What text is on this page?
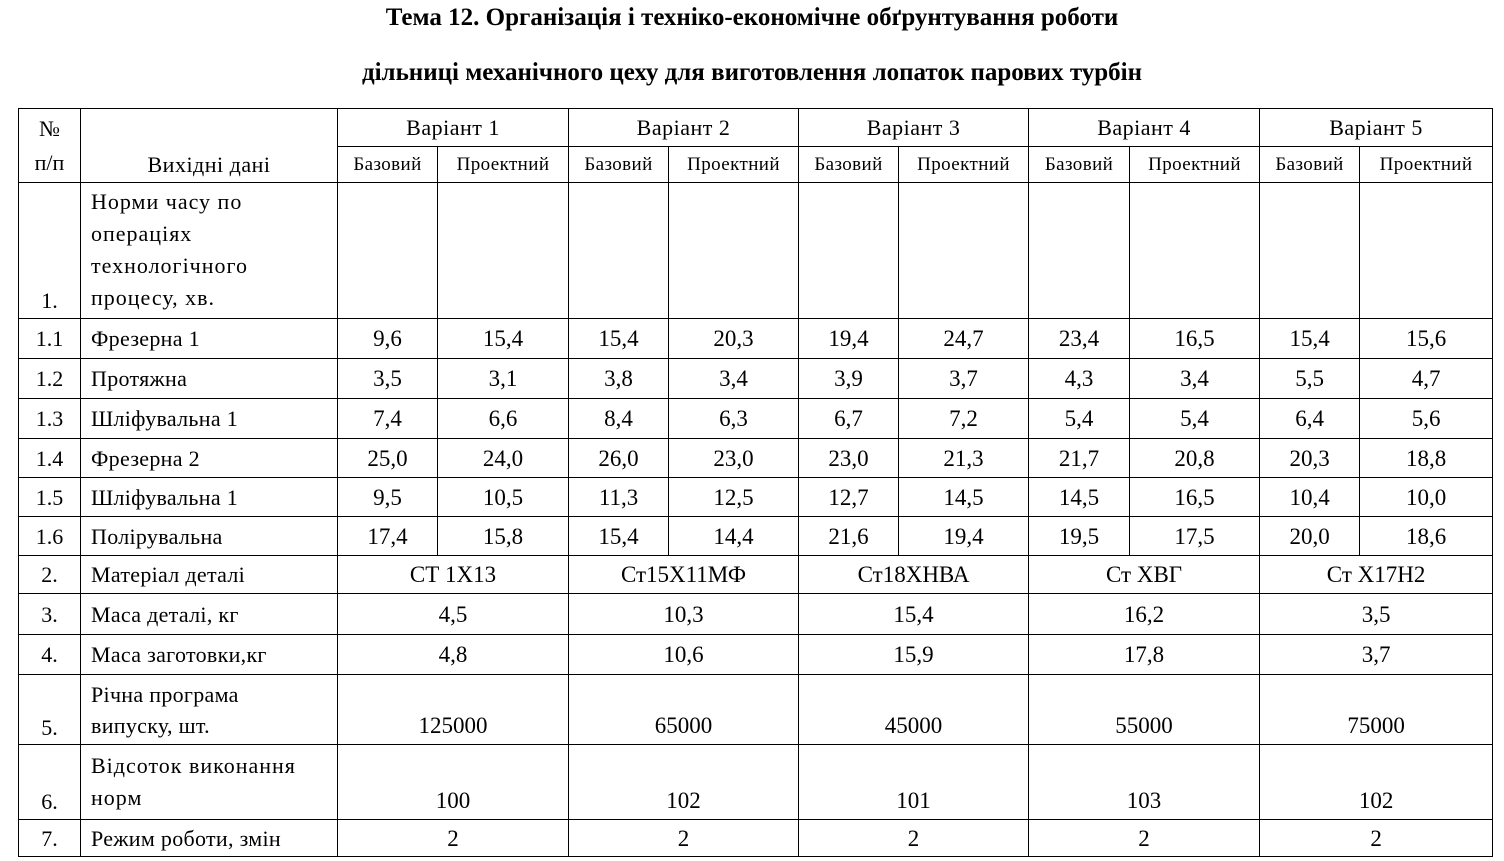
Тема 12. Організація і техніко-економічне обґрунтування роботи
дільниці механічного цеху для виготовлення лопаток парових турбін
№
п/п	Вихідні дані	Варіант 1		Варіант 2		Варіант 3		Варіант 4		Варіант 5	
		Базовий	Проектний	Базовий	Проектний	Базовий	Проектний	Базовий	Проектний	Базовий	Проектний
1.	Норми часу по
операціях
технологічного
процесу, хв.										

1.1	Фрезерна 1	9,6	15,4	15,4	20,3	19,4	24,7	23,4	16,5	15,4	15,6
1.2	Протяжна	3,5	3,1	3,8	3,4	3,9	3,7	4,3	3,4	5,5	4,7
1.3	Шліфувальна 1	7,4	6,6	8,4	6,3	6,7	7,2	5,4	5,4	6,4	5,6
1.4	Фрезерна 2	25,0	24,0	26,0	23,0	23,0	21,3	21,7	20,8	20,3	18,8
1.5	Шліфувальна 1	9,5	10,5	11,3	12,5	12,7	14,5	14,5	16,5	10,4	10,0
1.6	Полірувальна	17,4	15,8	15,4	14,4	21,6	19,4	19,5	17,5	20,0	18,6
2.	Матеріал деталі	СТ 1Х13		Ст15Х11МФ		Ст18ХНВА		Ст ХВГ		Ст Х17Н2	
3.	Маса деталі, кг	4,5		10,3		15,4		16,2		3,5	
4.	Маса заготовки,кг	4,8		10,6		15,9		17,8		3,7	
5.	Річна програма
випуску, шт.	125000		65000		45000		55000		75000	
6.	Відсоток виконання
норм	100		102		101		103		102	
7.	Режим роботи, змін	2		2		2		2		2	
